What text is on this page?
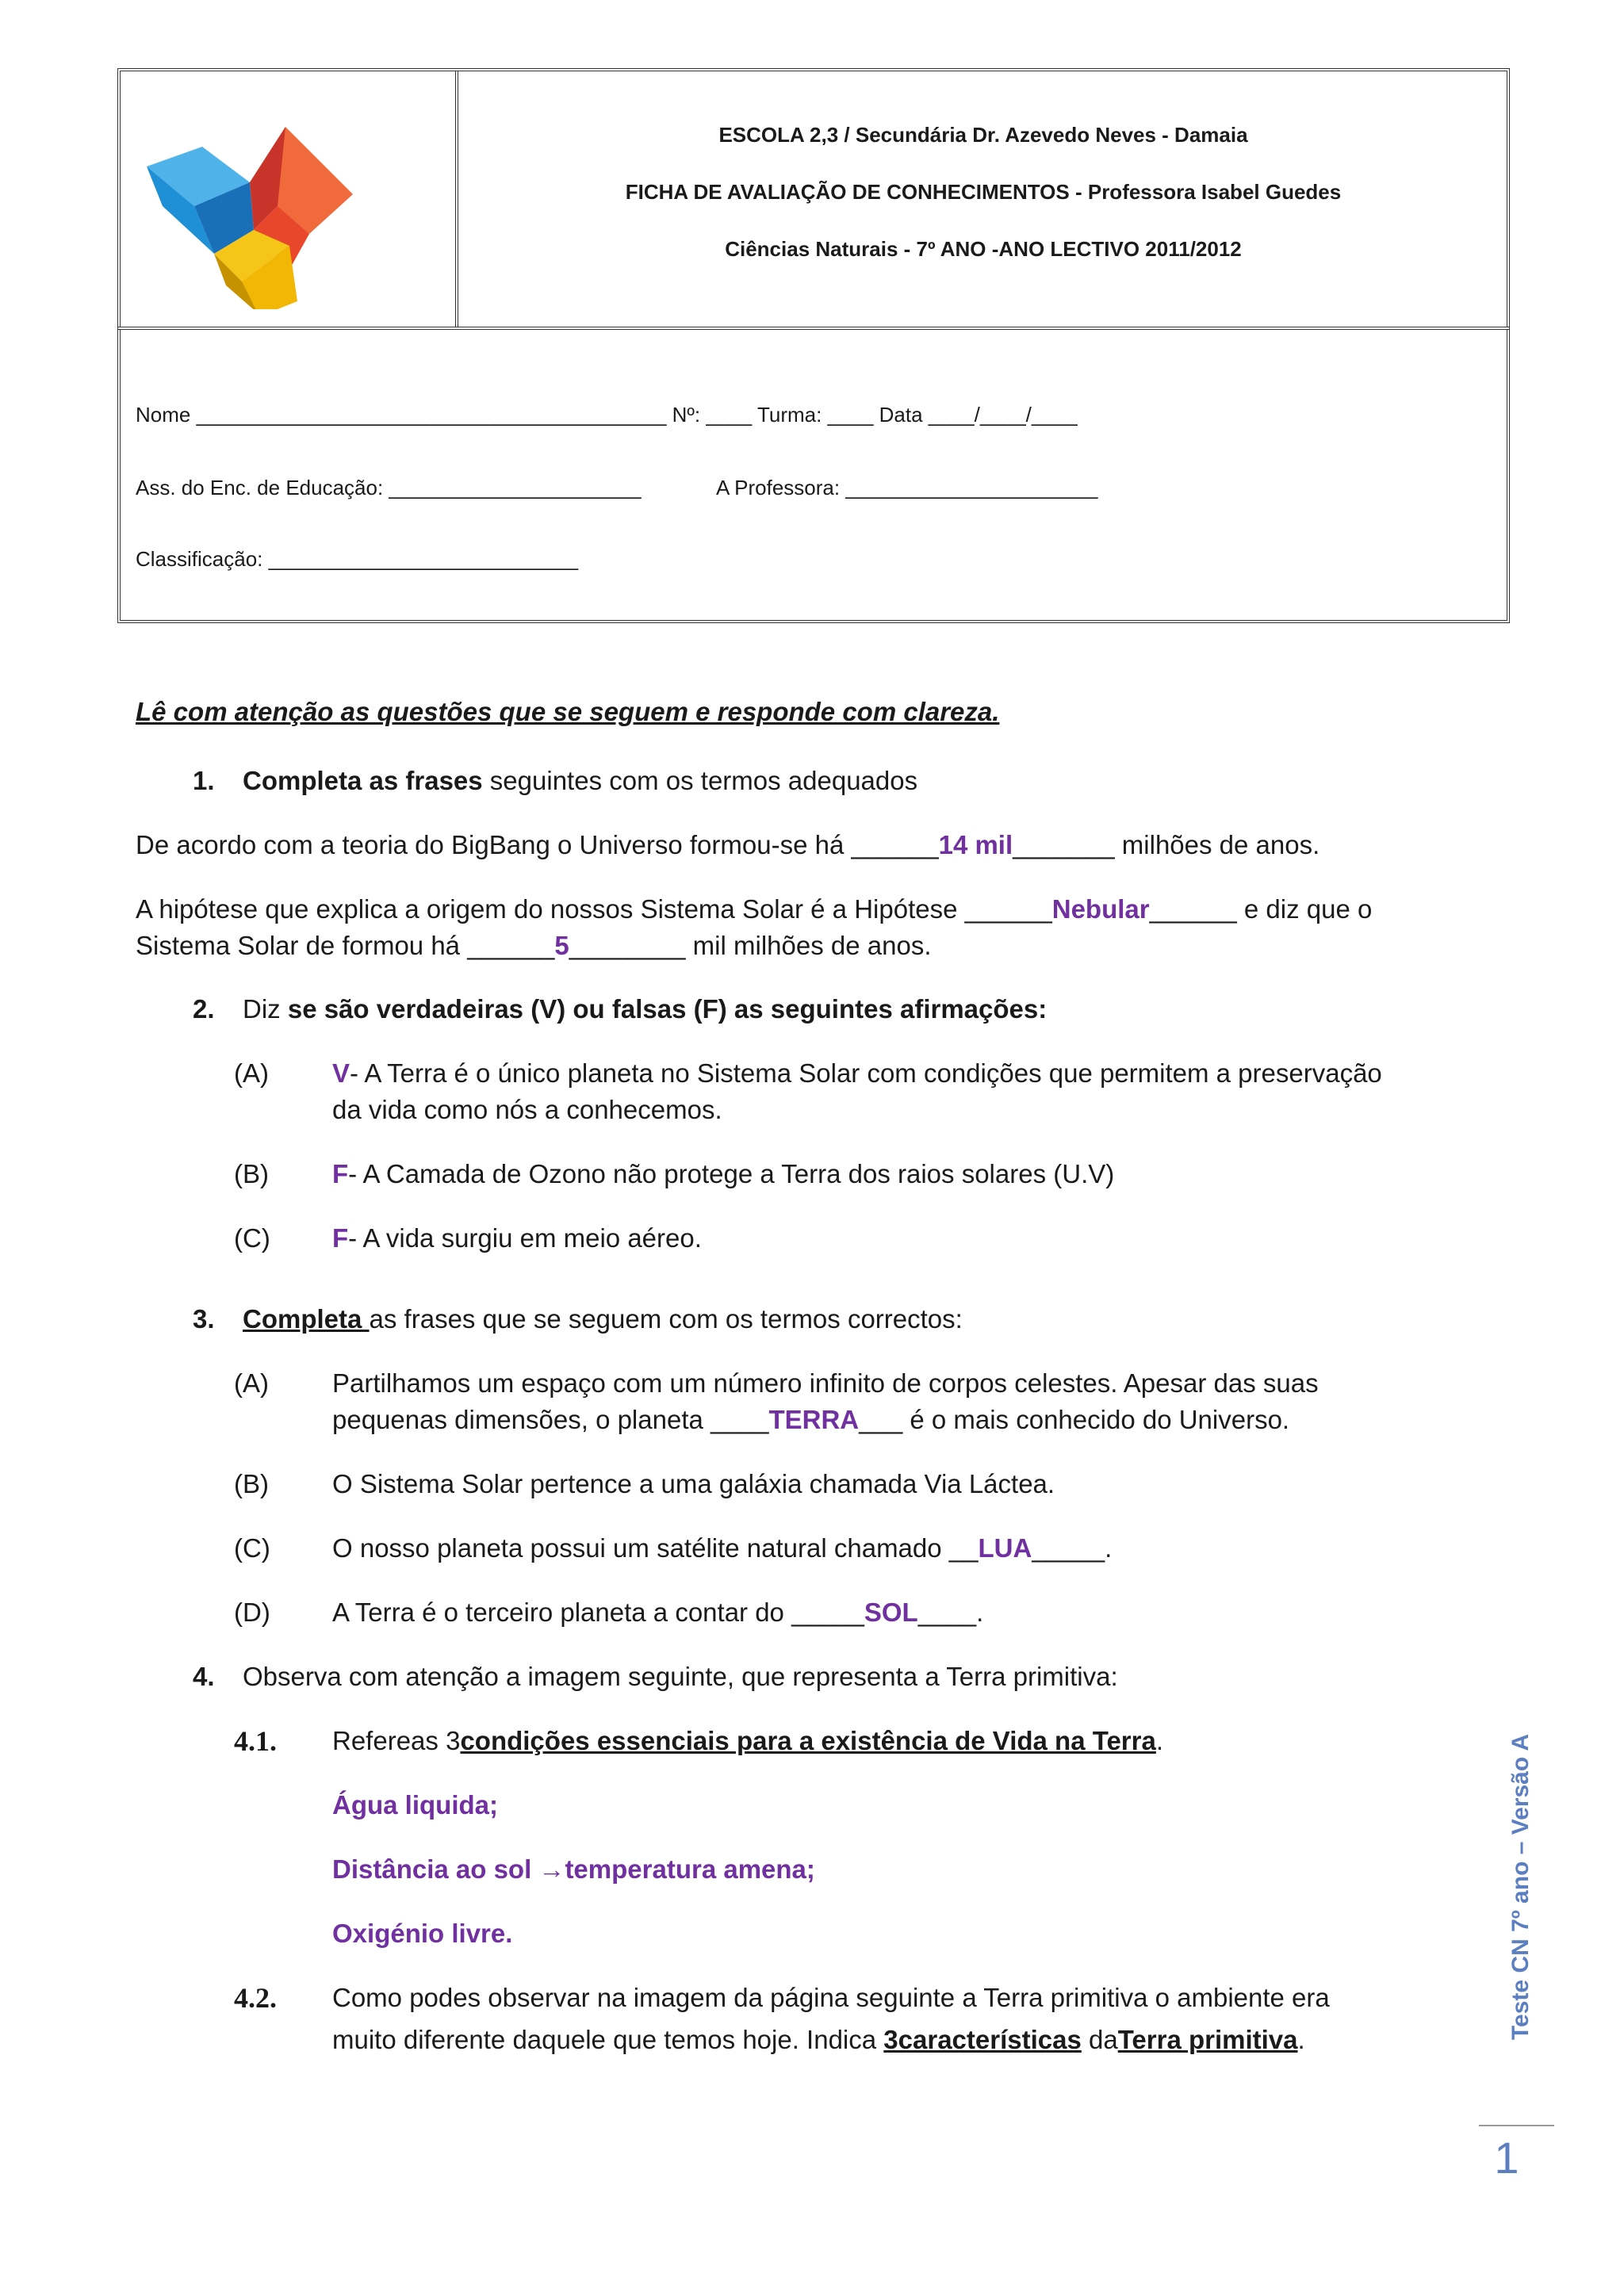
ESCOLA 2,3 / Secundária Dr. Azevedo Neves - Damaia
FICHA DE AVALIAÇÃO DE CONHECIMENTOS - Professora Isabel Guedes
Ciências Naturais - 7º ANO -ANO LECTIVO 2011/2012
Nome _________________________________________ Nº: ____ Turma: ____ Data ____/____/____
Ass. do Enc. de Educação: ______________________	A Professora: ______________________
Classificação: ___________________________
Lê com atenção as questões que se seguem e responde com clareza.
1. Completa as frases seguintes com os termos adequados
De acordo com a teoria do BigBang o Universo formou-se há ______14 mil_______ milhões de anos.
A hipótese que explica a origem do nossos Sistema Solar é a Hipótese ______Nebular______ e diz que o
Sistema Solar de formou há ______5________ mil milhões de anos.
2. Diz se são verdadeiras (V) ou falsas (F) as seguintes afirmações:
(A) V- A Terra é o único planeta no Sistema Solar com condições que permitem a preservação
da vida como nós a conhecemos.
(B) F- A Camada de Ozono não protege a Terra dos raios solares (U.V)
(C) F- A vida surgiu em meio aéreo.
3. Completa as frases que se seguem com os termos correctos:
(A) Partilhamos um espaço com um número infinito de corpos celestes. Apesar das suas
pequenas dimensões, o planeta ____TERRA___ é o mais conhecido do Universo.
(B) O Sistema Solar pertence a uma galáxia chamada Via Láctea.
(C) O nosso planeta possui um satélite natural chamado __LUA_____.
(D) A Terra é o terceiro planeta a contar do _____SOL____.
4. Observa com atenção a imagem seguinte, que representa a Terra primitiva:
4.1. Refereas 3condições essenciais para a existência de Vida na Terra.
Água liquida;
Distância ao sol →temperatura amena;
Oxigénio livre.
4.2. Como podes observar na imagem da página seguinte a Terra primitiva o ambiente era
muito diferente daquele que temos hoje. Indica 3características daTerra primitiva.	Teste CN 7º ano – Versão A
1
